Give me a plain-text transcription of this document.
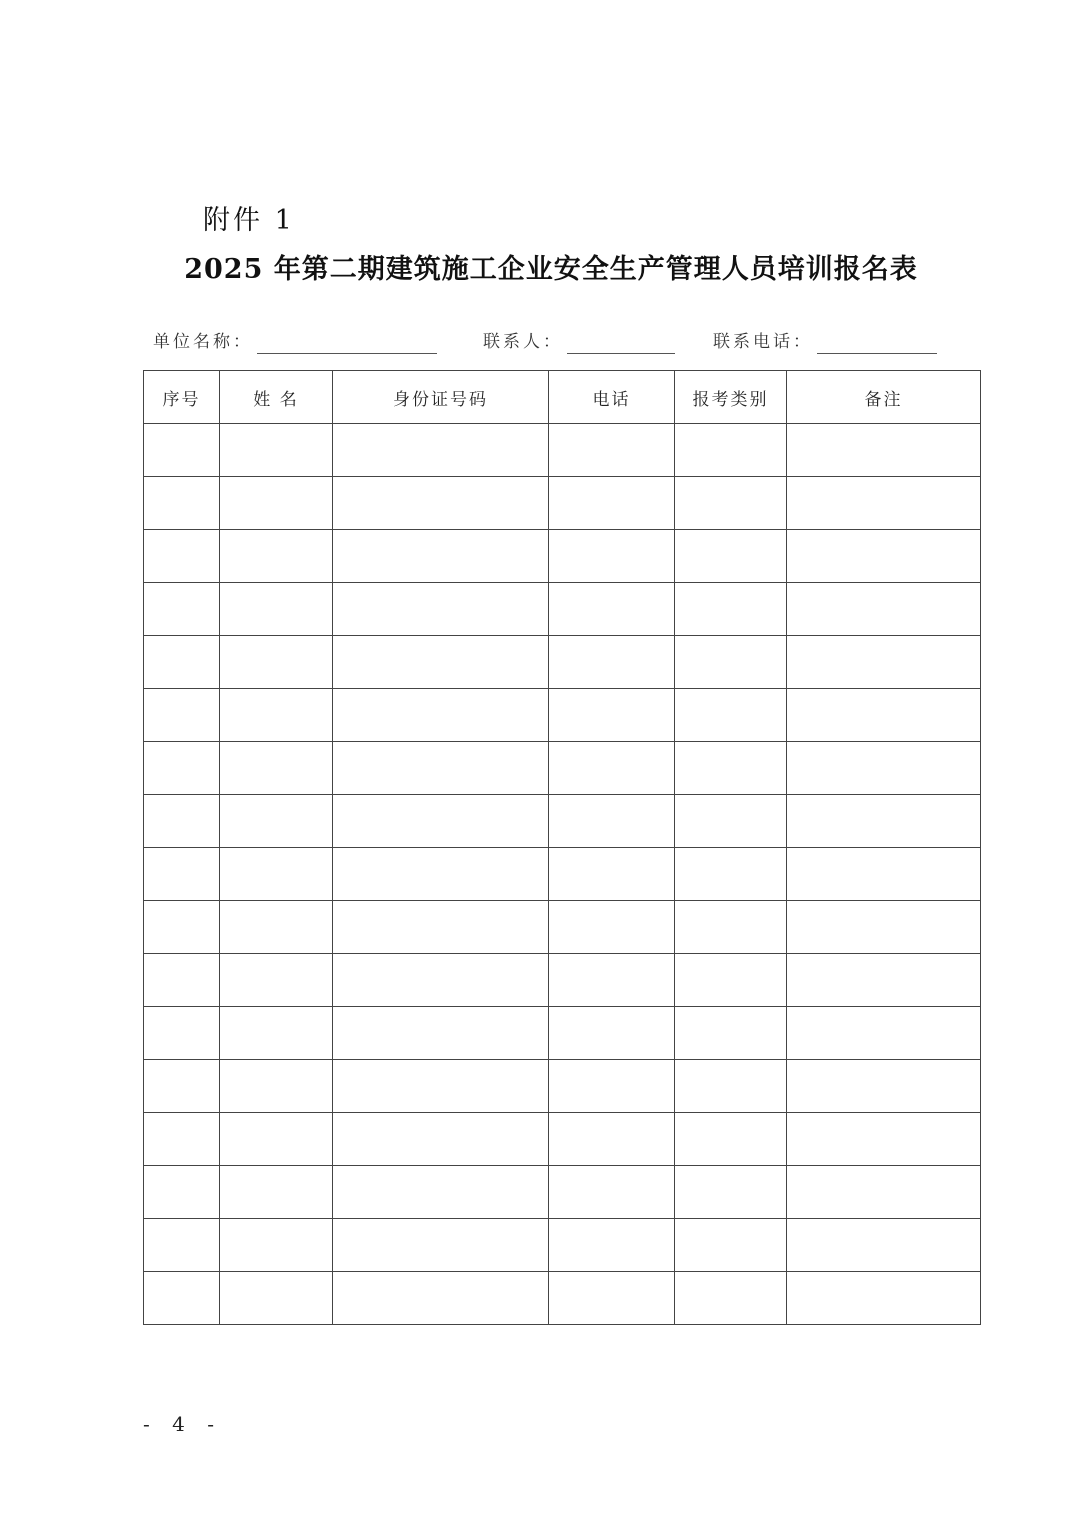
附件 1
2025 年第二期建筑施工企业安全生产管理人员培训报名表
单位名称：	联系人：	联系电话：
序号	姓 名	身份证号码	电话	报考类别	备注

- 4 -
